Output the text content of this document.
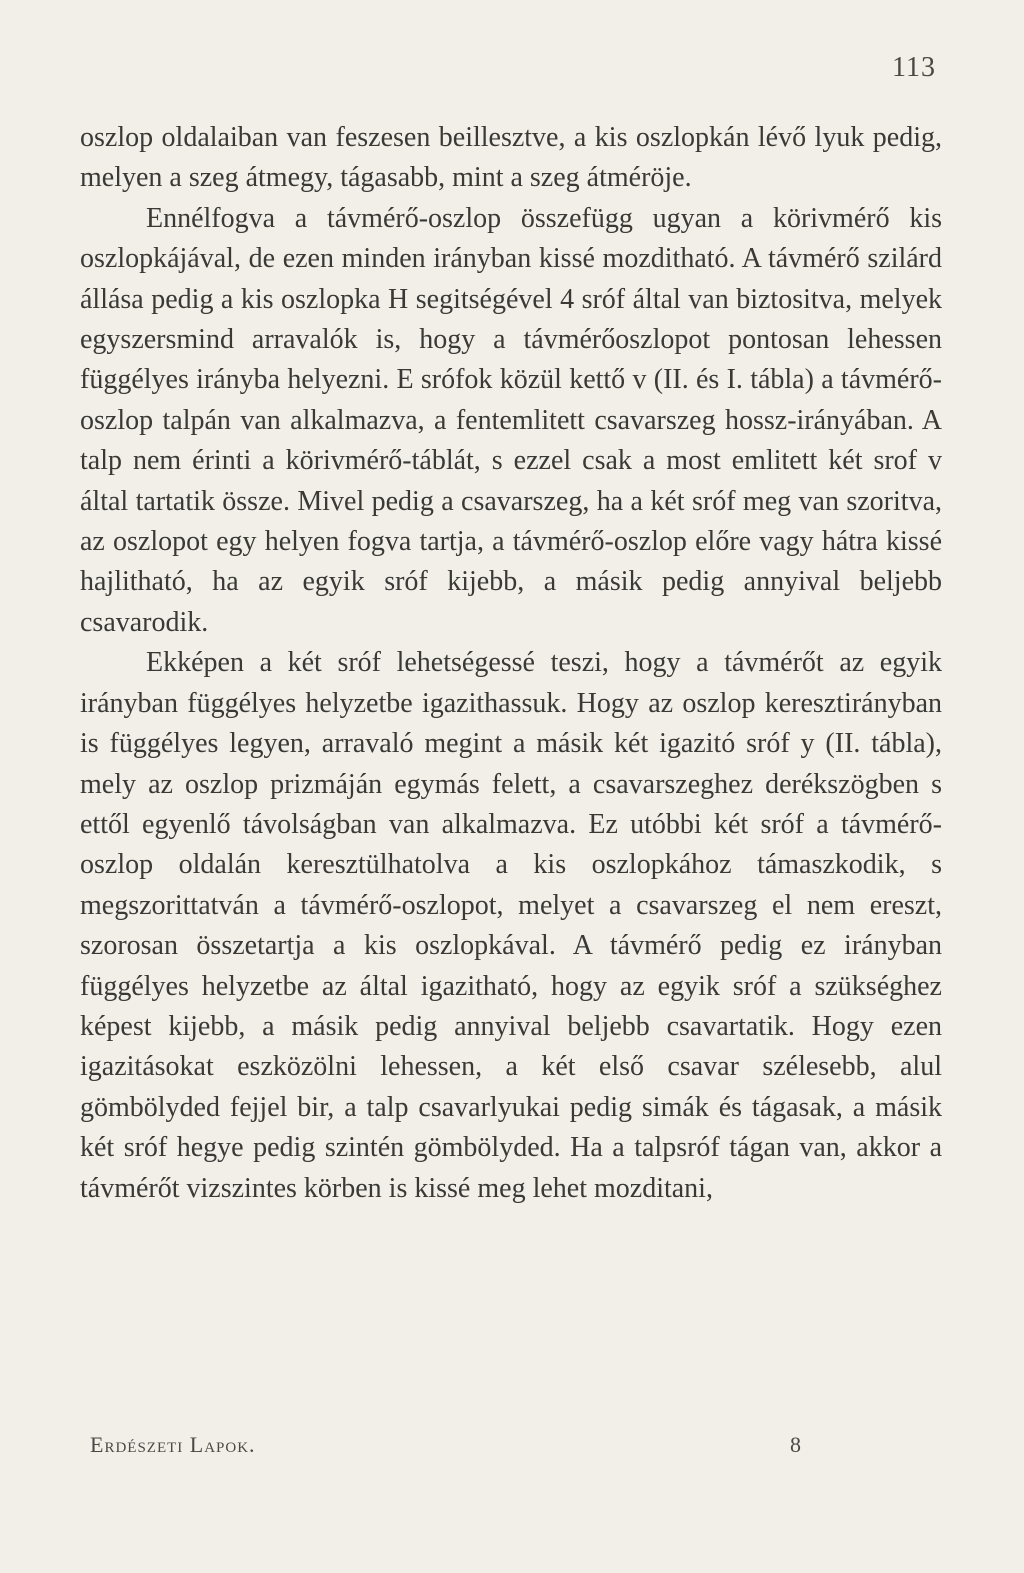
113

oszlop oldalaiban van feszesen beillesztve, a kis oszlopkán lévő lyuk pedig, melyen a szeg átmegy, tágasabb, mint a szeg átméröje.

Ennélfogva a távmérő-oszlop összefügg ugyan a körivmérő kis oszlopkájával, de ezen minden irányban kissé mozditható. A távmérő szilárd állása pedig a kis oszlopka H segitségével 4 sróf által van biztositva, melyek egyszersmind arravalók is, hogy a távmérőoszlopot pontosan lehessen függélyes irányba helyezni. E srófok közül kettő v (II. és I. tábla) a távmérő-oszlop talpán van alkalmazva, a fentemlitett csavarszeg hossz-irányában. A talp nem érinti a körivmérő-táblát, s ezzel csak a most emlitett két srof v által tartatik össze. Mivel pedig a csavarszeg, ha a két sróf meg van szoritva, az oszlopot egy helyen fogva tartja, a távmérő-oszlop előre vagy hátra kissé hajlitható, ha az egyik sróf kijebb, a másik pedig annyival beljebb csavarodik.

Ekképen a két sróf lehetségessé teszi, hogy a távmérőt az egyik irányban függélyes helyzetbe igazithassuk. Hogy az oszlop keresztirányban is függélyes legyen, arravaló megint a másik két igazitó sróf y (II. tábla), mely az oszlop prizmáján egymás felett, a csavarszeghez derékszögben s ettől egyenlő távolságban van alkalmazva. Ez utóbbi két sróf a távmérő-oszlop oldalán keresztülhatolva a kis oszlopkához támaszkodik, s megszorittatván a távmérő-oszlopot, melyet a csavarszeg el nem ereszt, szorosan összetartja a kis oszlopkával. A távmérő pedig ez irányban függélyes helyzetbe az által igazitható, hogy az egyik sróf a szükséghez képest kijebb, a másik pedig annyival beljebb csavartatik. Hogy ezen igazitásokat eszközölni lehessen, a két első csavar szélesebb, alul gömbölyded fejjel bir, a talp csavarlyukai pedig simák és tágasak, a másik két sróf hegye pedig szintén gömbölyded. Ha a talpsróf tágan van, akkor a távmérőt vizszintes körben is kissé meg lehet mozditani,

Erdészeti Lapok.	8
